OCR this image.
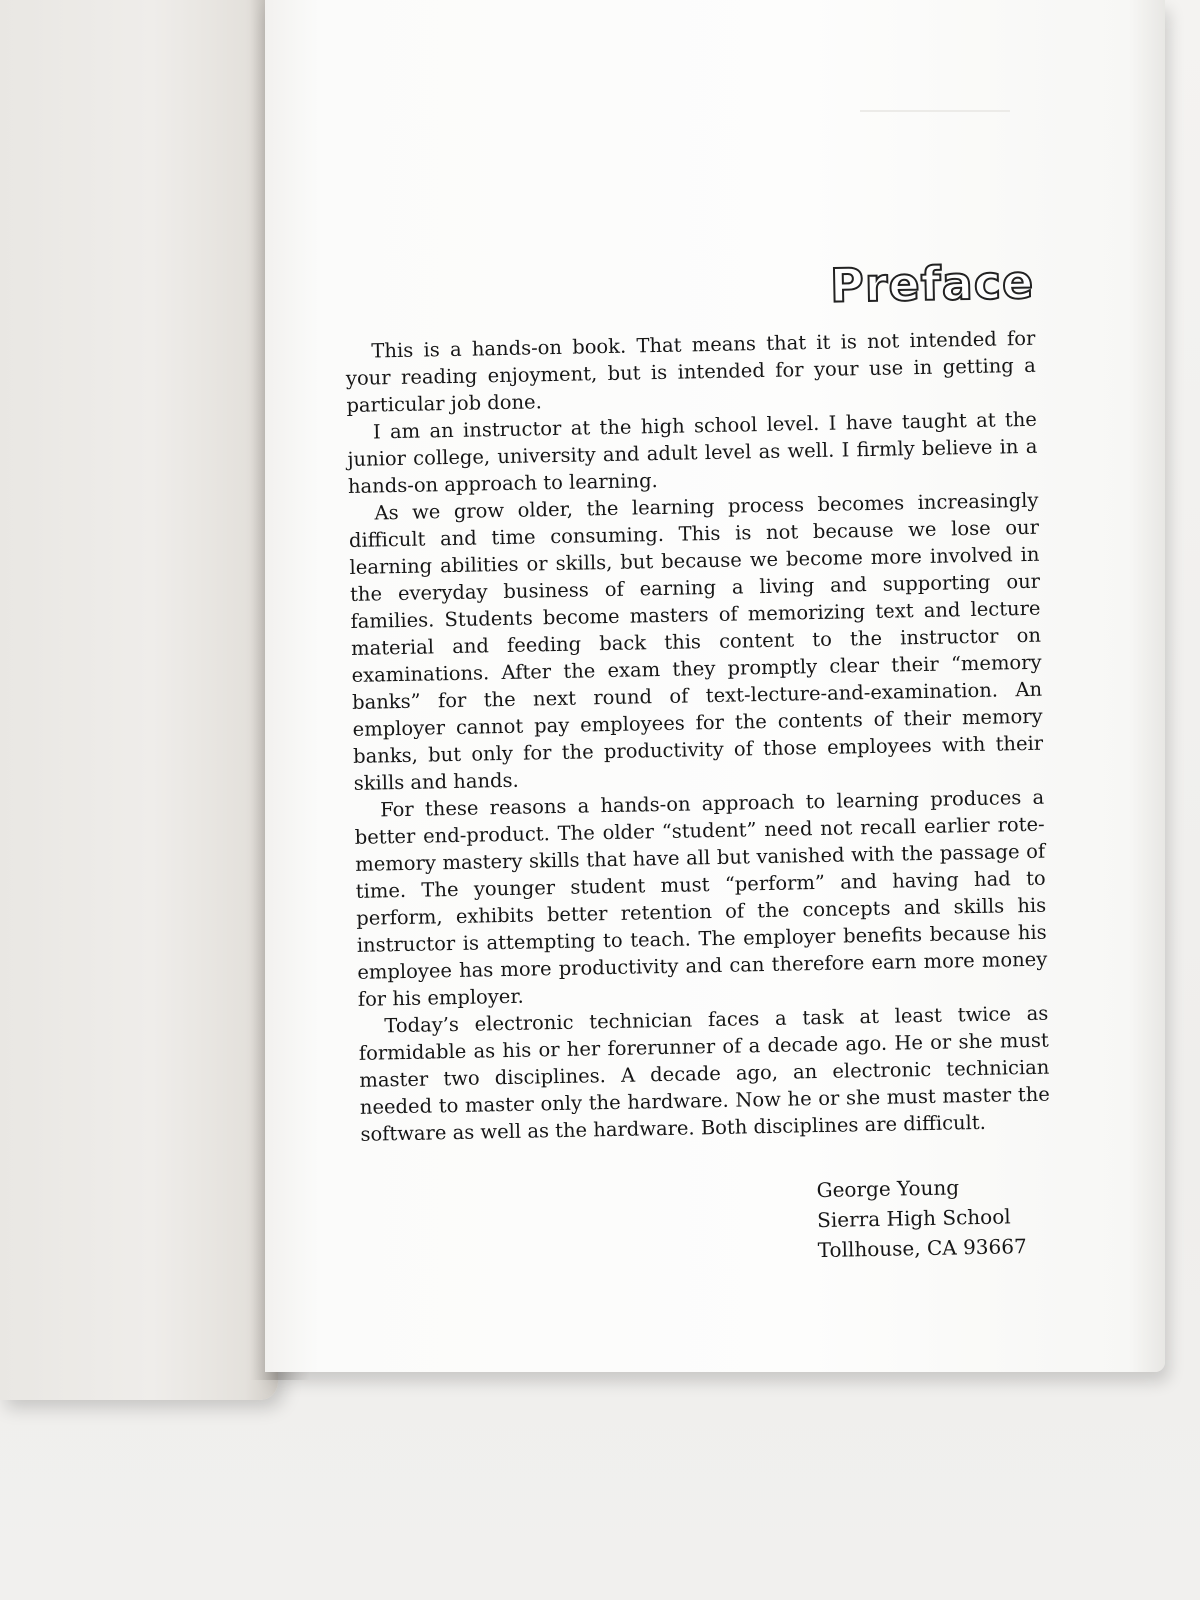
Preface

This is a hands-on book. That means that it is not intended for your reading enjoyment, but is intended for your use in getting a particular job done.

I am an instructor at the high school level. I have taught at the junior college, university and adult level as well. I firmly believe in a hands-on approach to learning.

As we grow older, the learning process becomes increasingly difficult and time consuming. This is not because we lose our learning abilities or skills, but because we become more involved in the everyday business of earning a living and supporting our families. Students become masters of memorizing text and lecture material and feeding back this content to the instructor on examinations. After the exam they promptly clear their “memory banks” for the next round of text-lecture-and-examination. An employer cannot pay employees for the contents of their memory banks, but only for the productivity of those employees with their skills and hands.

For these reasons a hands-on approach to learning produces a better end-product. The older “student” need not recall earlier rote-memory mastery skills that have all but vanished with the passage of time. The younger student must “perform” and having had to perform, exhibits better retention of the concepts and skills his instructor is attempting to teach. The employer benefits because his employee has more productivity and can therefore earn more money for his employer.

Today’s electronic technician faces a task at least twice as formidable as his or her forerunner of a decade ago. He or she must master two disciplines. A decade ago, an electronic technician needed to master only the hardware. Now he or she must master the software as well as the hardware. Both disciplines are difficult.

George Young
Sierra High School
Tollhouse, CA 93667
